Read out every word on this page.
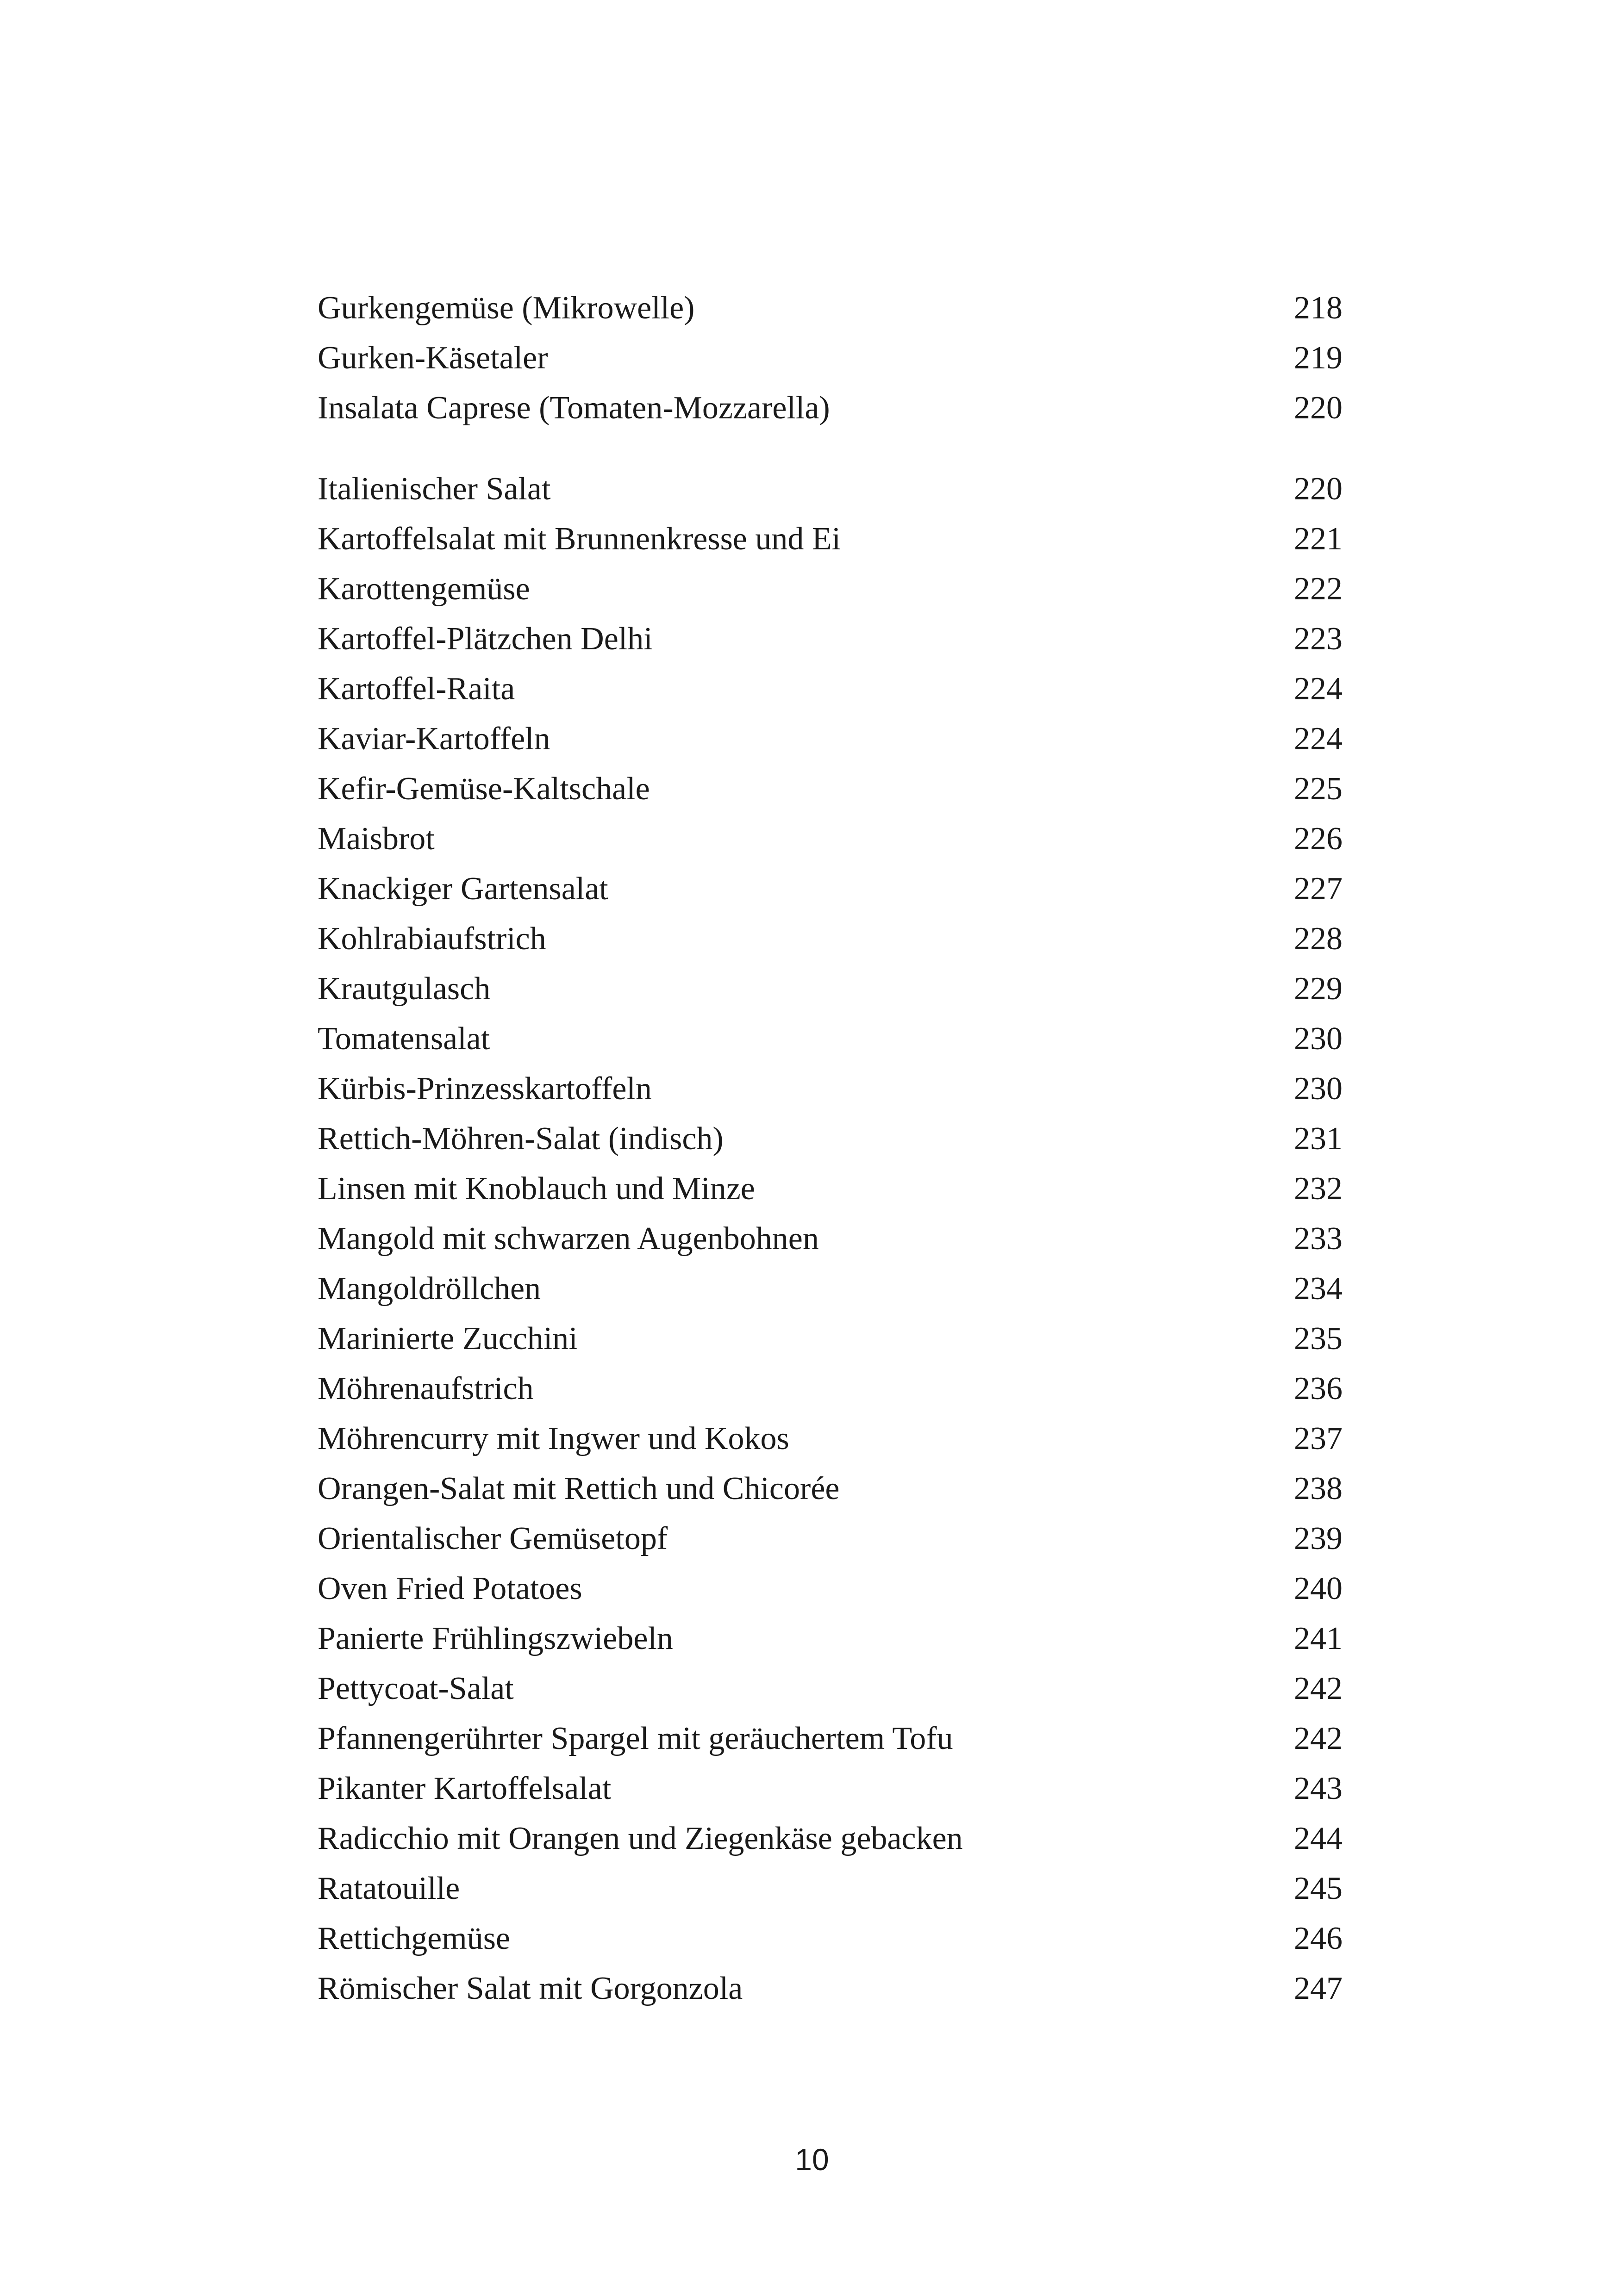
Gurkengemüse (Mikrowelle)	218
Gurken-Käsetaler	219
Insalata Caprese (Tomaten-Mozzarella)	220
Italienischer Salat	220
Kartoffelsalat mit Brunnenkresse und Ei	221
Karottengemüse	222
Kartoffel-Plätzchen Delhi	223
Kartoffel-Raita	224
Kaviar-Kartoffeln	224
Kefir-Gemüse-Kaltschale	225
Maisbrot	226
Knackiger Gartensalat	227
Kohlrabiaufstrich	228
Krautgulasch	229
Tomatensalat	230
Kürbis-Prinzesskartoffeln	230
Rettich-Möhren-Salat (indisch)	231
Linsen mit Knoblauch und Minze	232
Mangold mit schwarzen Augenbohnen	233
Mangoldröllchen	234
Marinierte Zucchini	235
Möhrenaufstrich	236
Möhrencurry mit Ingwer und Kokos	237
Orangen-Salat mit Rettich und Chicorée	238
Orientalischer Gemüsetopf	239
Oven Fried Potatoes	240
Panierte Frühlingszwiebeln	241
Pettycoat-Salat	242
Pfannengerührter Spargel mit geräuchertem Tofu	242
Pikanter Kartoffelsalat	243
Radicchio mit Orangen und Ziegenkäse gebacken	244
Ratatouille	245
Rettichgemüse	246
Römischer Salat mit Gorgonzola	247
10
